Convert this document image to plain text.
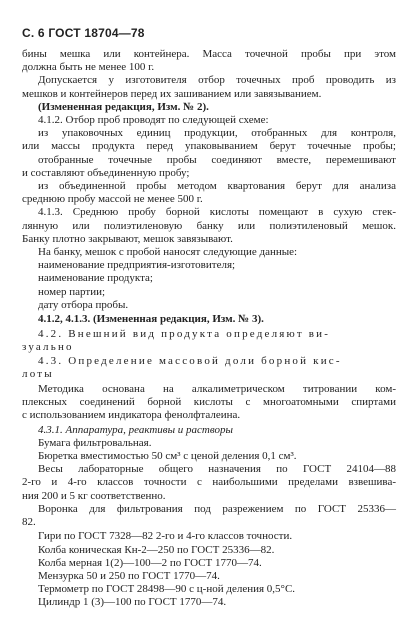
С. 6 ГОСТ 18704—78
бины мешка или контейнера. Масса точечной пробы при этом
должна быть не менее 100 г.
Допускается у изготовителя отбор точечных проб проводить из
мешков и контейнеров перед их зашиванием или завязыванием.
(Измененная редакция, Изм. № 2).
4.1.2. Отбор проб проводят по следующей схеме:
из упаковочных единиц продукции, отобранных для контроля,
или массы продукта перед упаковыванием берут точечные пробы;
отобранные точечные пробы соединяют вместе, перемешивают
и составляют объединенную пробу;
из объединенной пробы методом квартования берут для анализа
среднюю пробу массой не менее 500 г.
4.1.3. Среднюю пробу борной кислоты помещают в сухую стек-
лянную или полиэтиленовую банку или полиэтиленовый мешок.
Банку плотно закрывают, мешок завязывают.
На банку, мешок с пробой наносят следующие данные:
наименование предприятия-изготовителя;
наименование продукта;
номер партии;
дату отбора пробы.
4.1.2, 4.1.3. (Измененная редакция, Изм. № 3).
4.2. Внешний вид продукта определяют ви-
зуально
4.3. Определение массовой доли борной кис-
лоты
Методика основана на алкалиметрическом титровании ком-
плексных соединений борной кислоты с многоатомными спиртами
с использованием индикатора фенолфталеина.
4.3.1. Аппаратура, реактивы и растворы
Бумага фильтровальная.
Бюретка вместимостью 50 см³ с ценой деления 0,1 см³.
Весы лабораторные общего назначения по ГОСТ 24104—88
2-го и 4-го классов точности с наибольшими пределами взвешива-
ния 200 и 5 кг соответственно.
Воронка для фильтрования под разрежением по ГОСТ 25336—
82.
Гири по ГОСТ 7328—82 2-го и 4-го классов точности.
Колба коническая Кн-2—250 по ГОСТ 25336—82.
Колба мерная 1(2)—100—2 по ГОСТ 1770—74.
Мензурка 50 и 250 по ГОСТ 1770—74.
Термометр по ГОСТ 28498—90 с ц-ной деления 0,5°C.
Цилиндр 1 (3)—100 по ГОСТ 1770—74.
